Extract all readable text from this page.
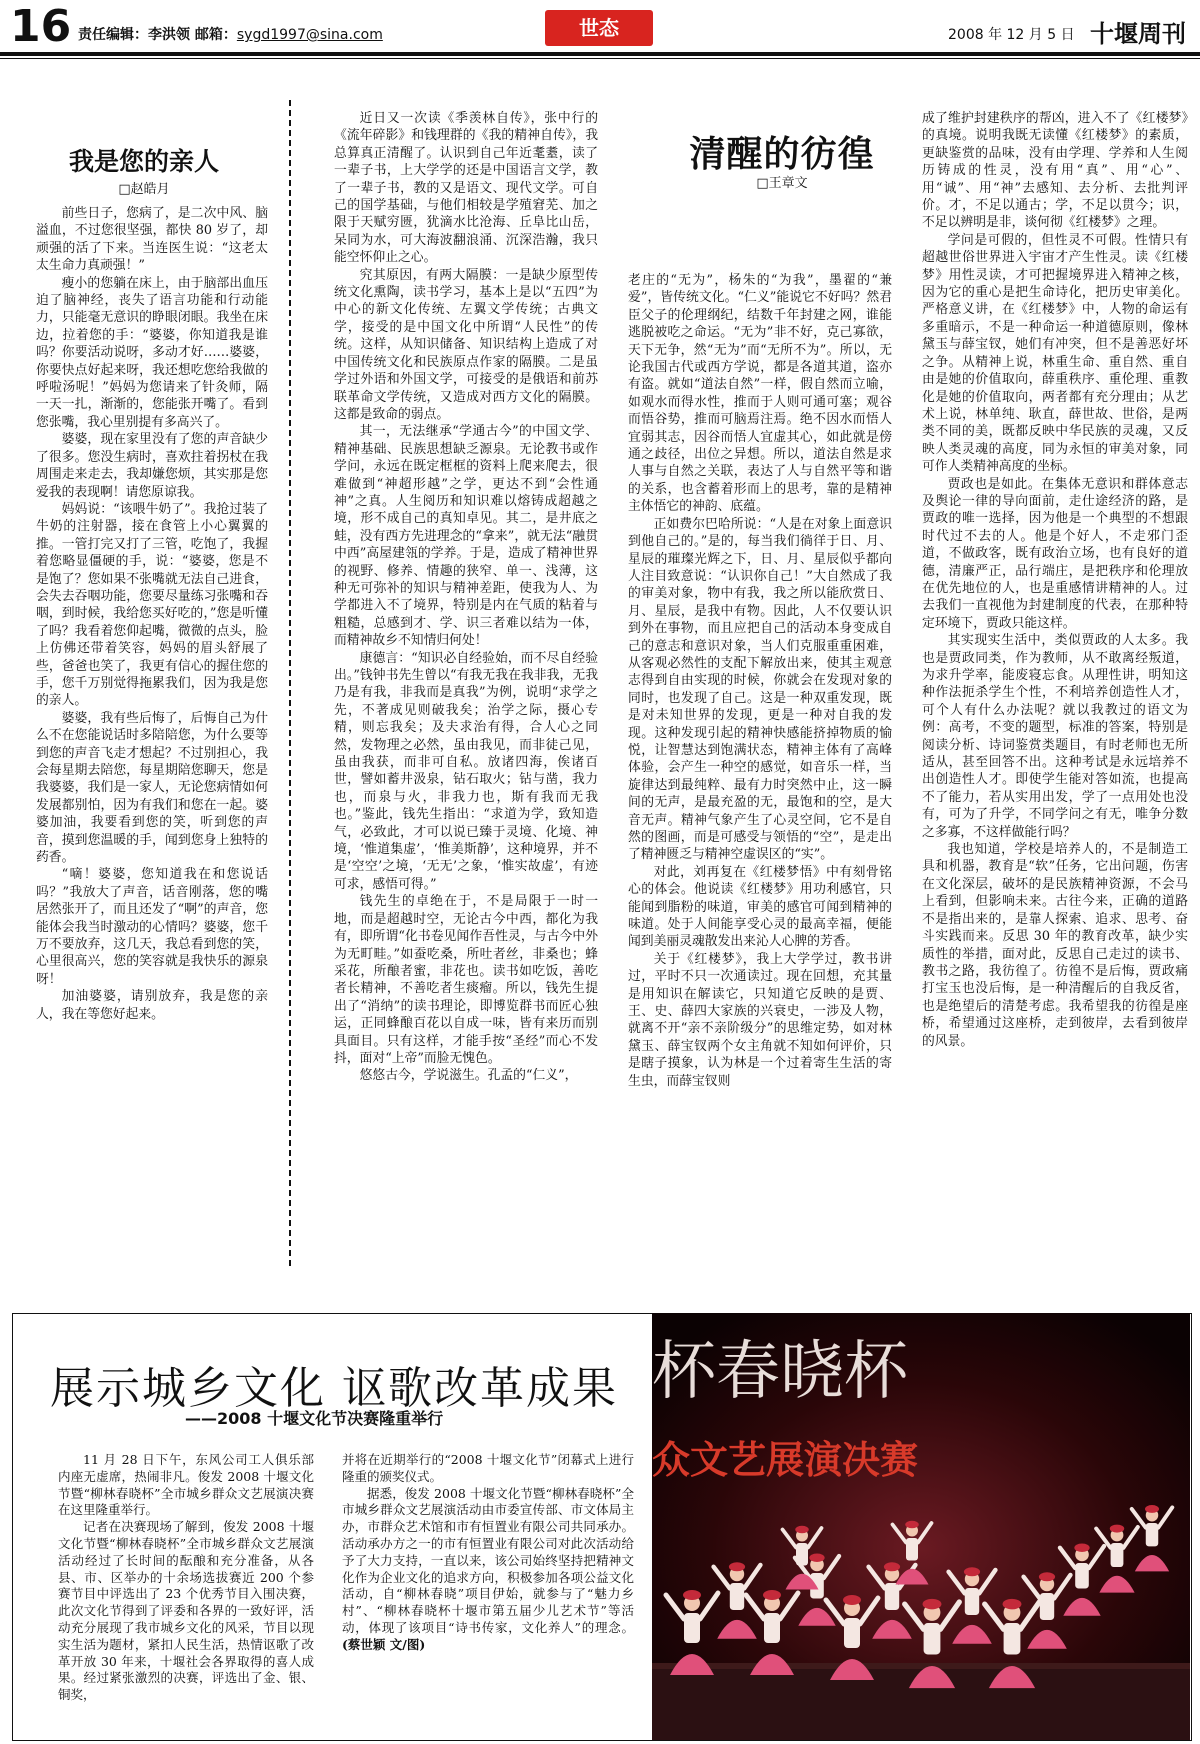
16 责任编辑：李洪领 邮箱：sygd1997@sina.com	世态	2008 年 12 月 5 日 十堰周刊
我是您的亲人
□赵皓月

前些日子，您病了，是二次中风、脑溢血，不过您很坚强，都快 80 岁了，却顽强的活了下来。当连医生说：“这老太太生命力真顽强！”

瘦小的您躺在床上，由于脑部出血压迫了脑神经，丧失了语言功能和行动能力，只能毫无意识的睁眼闭眼。我坐在床边，拉着您的手：“婆婆，你知道我是谁吗？你要活动说呀，多动才好……婆婆，你要快点好起来呀，我还想吃您给我做的呼啦汤呢！”妈妈为您请来了针灸师，隔一天一扎，渐渐的，您能张开嘴了。看到您张嘴，我心里别提有多高兴了。

婆婆，现在家里没有了您的声音缺少了很多。您没生病时，喜欢拄着拐杖在我周围走来走去，我却嫌您烦，其实那是您爱我的表现啊！请您原谅我。

妈妈说：“该喂牛奶了”。我抢过装了牛奶的注射器，接在食管上小心翼翼的推。一管打完又打了三管，吃饱了，我握着您略显僵硬的手，说：“婆婆，您是不是饱了？您如果不张嘴就无法自己进食，会失去吞咽功能，您要尽量练习张嘴和吞咽，到时候，我给您买好吃的，”您是听懂了吗？我看着您仰起嘴，微微的点头，脸上仿佛还带着笑容，妈妈的眉头舒展了些，爸爸也笑了，我更有信心的握住您的手，您千万别觉得拖累我们，因为我是您的亲人。

婆婆，我有些后悔了，后悔自己为什么不在您能说话时多陪陪您，为什么要等到您的声音飞走才想起？不过别担心，我会每星期去陪您，每星期陪您聊天，您是我婆婆，我们是一家人，无论您病情如何发展都别怕，因为有我们和您在一起。婆婆加油，我要看到您的笑，听到您的声音，摸到您温暖的手，闻到您身上独特的药香。

“嘀！婆婆，您知道我在和您说话吗？”我放大了声音，话音刚落，您的嘴居然张开了，而且还发了“啊”的声音，您能体会我当时激动的心情吗？婆婆，您千万不要放弃，这几天，我总看到您的笑，心里很高兴，您的笑容就是我快乐的源泉呀！

加油婆婆，请别放弃，我是您的亲人，我在等您好起来。

近日又一次读《季羡林自传》，张中行的《流年碎影》和钱理群的《我的精神自传》，我总算真正清醒了。认识到自己年近耄耋，读了一辈子书，上大学学的还是中国语言文学，教了一辈子书，教的又是语文、现代文学。可自己的国学基础，与他们相较是学殖窘芜、加之限于天赋穷匮，犹滴水比沧海、丘阜比山岳，呆同为水，可大海波翻浪涌、沉深浩瀚，我只能空怀仰止之心。

究其原因，有两大隔膜：一是缺少原型传统文化熏陶，读书学习，基本上是以“五四”为中心的新文化传统、左翼文学传统；古典文学，接受的是中国文化中所谓“人民性”的传统。这样，从知识储备、知识结构上造成了对中国传统文化和民族原点作家的隔膜。二是虽学过外语和外国文学，可接受的是俄语和前苏联革命文学传统，又造成对西方文化的隔膜。这都是致命的弱点。

其一，无法继承“学通古今”的中国文学、精神基础、民族思想缺乏源泉。无论教书或作学问，永远在既定框框的资料上爬来爬去，很难做到“神超形越”之学，更达不到“会性通神”之真。人生阅历和知识难以熔铸成超越之境，形不成自己的真知卓见。其二，是井底之蛙，没有西方先进理念的“拿来”，就无法“融贯中西”高屋建瓴的学养。于是，造成了精神世界的视野、修养、情趣的狭窄、单一、浅薄，这种无可弥补的知识与精神差距，使我为人、为学都进入不了境界，特别是内在气质的粘着与粗糙，总感到才、学、识三者难以结为一体，而精神故乡不知情归何处！

康德言：“知识必自经验始，而不尽自经验出。”钱钟书先生曾以“有我无我在我非我，无我乃是有我，非我而是真我”为例，说明“求学之先，不著成见则破我矣；治学之际，摄心专精，则忘我矣；及夫求治有得，合人心之同然，发物理之必然，虽由我见，而非徒己见，虽由我获，而非可自私。放诸四海，俟诸百世，譬如蓄井汲泉，钻石取火；钻与凿，我力也，而泉与火，非我力也，斯有我而无我也。”鉴此，钱先生指出：“求道为学，致知造气，必致此，才可以说已臻于灵境、化境、神境，‘惟道集虚’，‘惟美斯静’，这种境界，并不是‘空空’之境，‘无无’之象，‘惟实故虚’，有迹可求，感悟可得。”

钱先生的卓绝在于，不是局限于一时一地，而是超越时空，无论古今中西，都化为我有，即所谓“化书卷见闻作吾性灵，与古今中外为无町畦。”如蚕吃桑，所吐者丝，非桑也；蜂采花，所酿者蜜，非花也。读书如吃饭，善吃者长精神，不善吃者生痰瘤。所以，钱先生提出了“消纳”的读书理论，即博览群书而匠心独运，正同蜂酿百花以自成一味，皆有来历而别具面目。只有这样，才能手按“圣经”而心不发抖，面对“上帝”而脸无愧色。

悠悠古今，学说滋生。孔孟的“仁义”，

清醒的彷徨
□王章文

老庄的“无为”，杨朱的“为我”，墨翟的“兼爱”，皆传统文化。“仁义”能说它不好吗？然君臣父子的伦理纲纪，结数千年封建之网，谁能逃脱被吃之命运。“无为”非不好，克己寡欲，天下无争，然“无为”而“无所不为”。所以，无论我国古代或西方学说，都是各道其道，盗亦有盗。就如“道法自然”一样，假自然而立喻，如观水而得水性，推而于人则可通可塞；观谷而悟谷势，推而可脑焉注焉。绝不因水而悟人宜弱其志，因谷而悟人宜虚其心，如此就是傍通之歧径，出位之异想。所以，道法自然是求人事与自然之关联，表达了人与自然平等和谐的关系，也含蓄着形而上的思考，靠的是精神主体悟它的神韵、底蕴。

正如费尔巴哈所说：“人是在对象上面意识到他自己的。”是的，每当我们徜徉于日、月、星辰的璀璨光辉之下，日、月、星辰似乎都向人注目致意说：“认识你自己！”大自然成了我的审美对象，物中有我，我之所以能欣赏日、月、星辰，是我中有物。因此，人不仅要认识到外在事物，而且应把自己的活动本身变成自己的意志和意识对象，当人们克服重重困难，从客观必然性的支配下解放出来，使其主观意志得到自由实现的时候，你就会在发现对象的同时，也发现了自己。这是一种双重发现，既是对未知世界的发现，更是一种对自我的发现。这种发现引起的精神快感能挤掉物质的愉悦，让智慧达到饱满状态，精神主体有了高峰体验，会产生一种空的感觉，如音乐一样，当旋律达到最纯粹、最有力时突然中止，这一瞬间的无声，是最充盈的无，最饱和的空，是大音无声。精神气象产生了心灵空间，它不是自然的图画，而是可感受与领悟的“空”，是走出了精神匮乏与精神空虚误区的“实”。

对此，刘再复在《红楼梦悟》中有刻骨铭心的体会。他说读《红楼梦》用功利感官，只能闻到脂粉的味道，审美的感官可闻到精神的味道。处于人间能享受心灵的最高幸福，便能闻到美丽灵魂散发出来沁人心脾的芳香。

关于《红楼梦》，我上大学学过，教书讲过，平时不只一次通读过。现在回想，充其量是用知识在解读它，只知道它反映的是贾、王、史、薛四大家族的兴衰史，一涉及人物，就离不开“亲不亲阶级分”的思维定势，如对林黛玉、薛宝钗两个女主角就不知如何评价，只是瞎子摸象，认为林是一个过着寄生生活的寄生虫，而薛宝钗则

成了维护封建秩序的帮凶，进入不了《红楼梦》的真境。说明我既无读懂《红楼梦》的素质，更缺鉴赏的品味，没有由学理、学养和人生阅历铸成的性灵，没有用“真”、用“心”、用“诚”、用“神”去感知、去分析、去批判评价。才，不足以通古；学，不足以贯今；识，不足以辨明是非，谈何彻《红楼梦》之理。

学问是可假的，但性灵不可假。性情只有超越世俗世界进入宇宙才产生性灵。读《红楼梦》用性灵读，才可把握境界进入精神之核，因为它的重心是把生命诗化，把历史审美化。严格意义讲，在《红楼梦》中，人物的命运有多重暗示，不是一种命运一种道德原则，像林黛玉与薛宝钗，她们有冲突，但不是善恶好坏之争。从精神上说，林重生命、重自然、重自由是她的价值取向，薛重秩序、重伦理、重教化是她的价值取向，两者都有充分理由；从艺术上说，林单纯、耿直，薛世故、世俗，是两类不同的美，既都反映中华民族的灵魂，又反映人类灵魂的高度，同为永恒的审美对象，同可作人类精神高度的坐标。

贾政也是如此。在集体无意识和群体意志及舆论一律的导向面前，走仕途经济的路，是贾政的唯一选择，因为他是一个典型的不想跟时代过不去的人。他是个好人，不走邪门歪道，不做政客，既有政治立场，也有良好的道德，清廉严正，品行端庄，是把秩序和伦理放在优先地位的人，也是重感情讲精神的人。过去我们一直视他为封建制度的代表，在那种特定环境下，贾政只能这样。

其实现实生活中，类似贾政的人太多。我也是贾政同类，作为教师，从不敢离经叛道，为求升学率，能废寝忘食。从理性讲，明知这种作法扼杀学生个性，不利培养创造性人才，可个人有什么办法呢？就以我教过的语文为例：高考，不变的题型，标准的答案，特别是阅读分析、诗词鉴赏类题目，有时老师也无所适从，甚至回答不出。这种考试是永远培养不出创造性人才。即使学生能对答如流，也提高不了能力，若从实用出发，学了一点用处也没有，可为了升学，不同学问之有无，唯争分数之多寡，不这样做能行吗？

我也知道，学校是培养人的，不是制造工具和机器，教育是“软”任务，它出问题，伤害在文化深层，破坏的是民族精神资源，不会马上看到，但影响未来。古往今来，正确的道路不是指出来的，是靠人探索、追求、思考、奋斗实践而来。反思 30 年的教育改革，缺少实质性的举措，面对此，反思自己走过的读书、教书之路，我彷徨了。彷徨不是后悔，贾政痛打宝玉也没后悔，是一种清醒后的自我反省，也是绝望后的清楚考虑。我希望我的彷徨是座桥，希望通过这座桥，走到彼岸，去看到彼岸的风景。

展示城乡文化 讴歌改革成果
——2008 十堰文化节决赛隆重举行

11 月 28 日下午，东风公司工人俱乐部内座无虚席，热闹非凡。俊发 2008 十堰文化节暨“柳林春晓杯”全市城乡群众文艺展演决赛在这里隆重举行。

记者在决赛现场了解到，俊发 2008 十堰文化节暨“柳林春晓杯”全市城乡群众文艺展演活动经过了长时间的酝酿和充分准备，从各县、市、区举办的十余场选拔赛近 200 个参赛节目中评选出了 23 个优秀节目入围决赛，此次文化节得到了评委和各界的一致好评，活动充分展现了我市城乡文化的风采，节目以现实生活为题材，紧扣人民生活，热情讴歌了改革开放 30 年来，十堰社会各界取得的喜人成果。经过紧张激烈的决赛，评选出了金、银、铜奖，

并将在近期举行的“2008 十堰文化节”闭幕式上进行隆重的颁奖仪式。

据悉，俊发 2008 十堰文化节暨“柳林春晓杯”全市城乡群众文艺展演活动由市委宣传部、市文体局主办，市群众艺术馆和市有恒置业有限公司共同承办。活动承办方之一的市有恒置业有限公司对此次活动给予了大力支持，一直以来，该公司始终坚持把精神文化作为企业文化的追求方向，积极参加各项公益文化活动，自“柳林春晓”项目伊始，就参与了“魅力乡村”、“柳林春晓杯十堰市第五届少儿艺术节”等活动，体现了该项目“诗书传家，文化养人”的理念。(蔡世颖 文/图)

杯春晓杯
众文艺展演决赛
